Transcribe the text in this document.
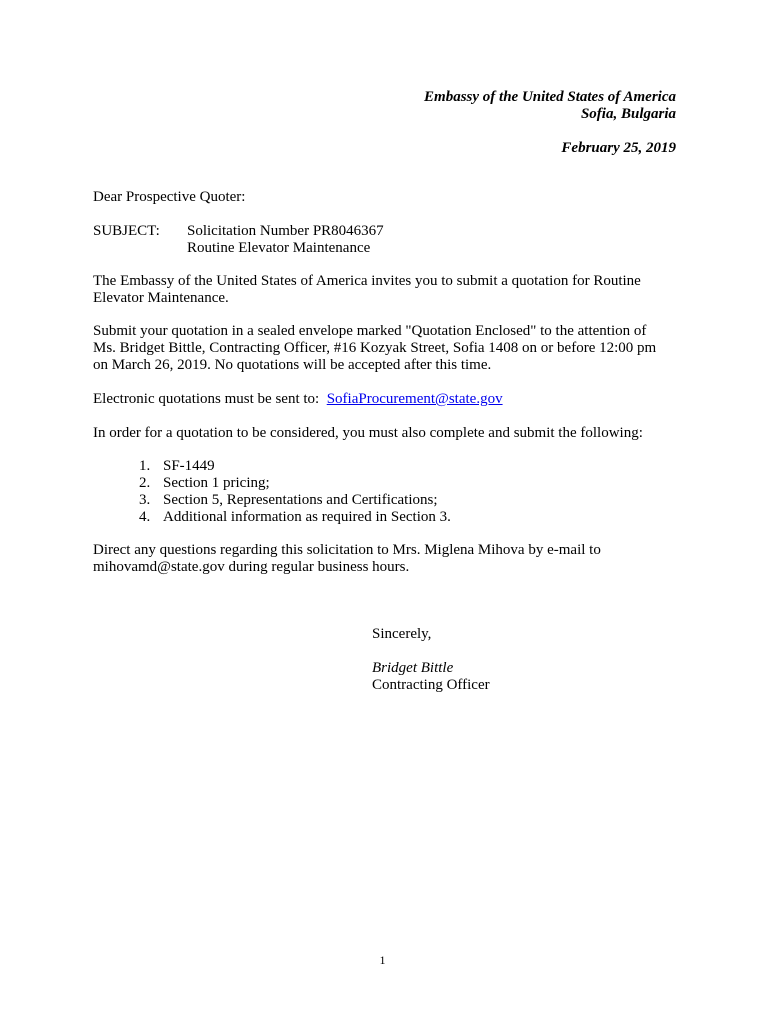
Embassy of the United States of America
Sofia, Bulgaria
February 25, 2019
Dear Prospective Quoter:
SUBJECT: Solicitation Number PR8046367
Routine Elevator Maintenance
The Embassy of the United States of America invites you to submit a quotation for Routine
Elevator Maintenance.
Submit your quotation in a sealed envelope marked "Quotation Enclosed" to the attention of
Ms. Bridget Bittle, Contracting Officer, #16 Kozyak Street, Sofia 1408 on or before 12:00 pm
on March 26, 2019. No quotations will be accepted after this time.
Electronic quotations must be sent to: SofiaProcurement@state.gov
In order for a quotation to be considered, you must also complete and submit the following:
1. SF-1449
2. Section 1 pricing;
3. Section 5, Representations and Certifications;
4. Additional information as required in Section 3.
Direct any questions regarding this solicitation to Mrs. Miglena Mihova by e-mail to
mihovamd@state.gov during regular business hours.
Sincerely,
Bridget Bittle
Contracting Officer
1
